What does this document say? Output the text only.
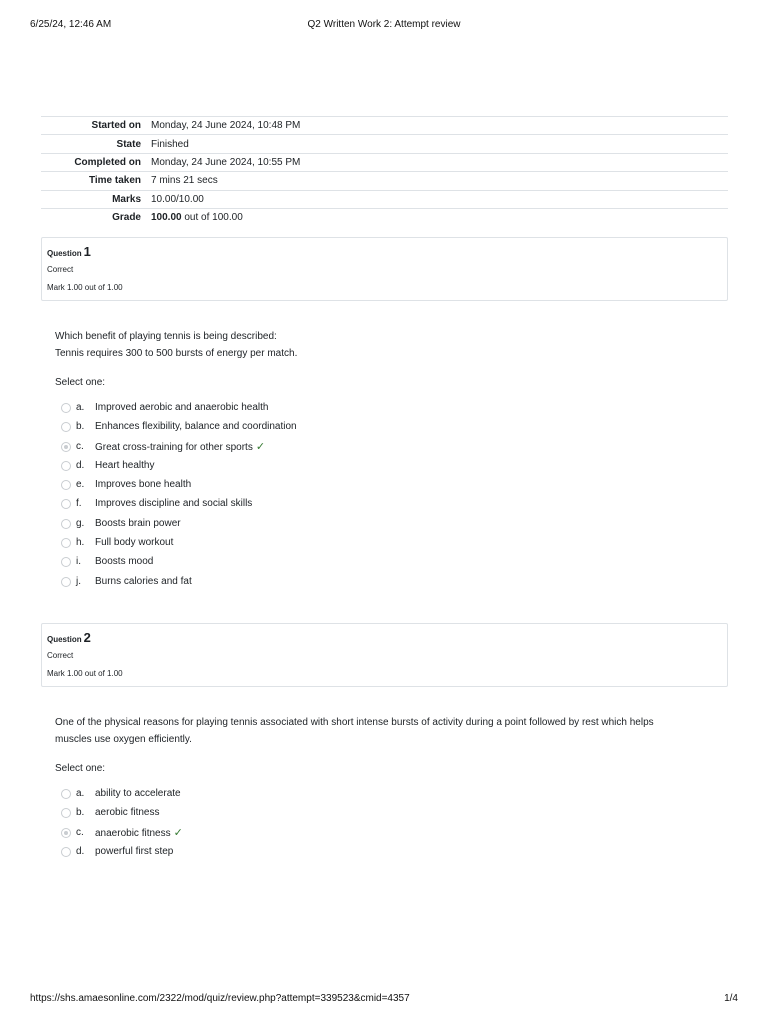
6/25/24, 12:46 AM	Q2 Written Work 2: Attempt review
Started on	Monday, 24 June 2024, 10:48 PM
State	Finished
Completed on	Monday, 24 June 2024, 10:55 PM
Time taken	7 mins 21 secs
Marks	10.00/10.00
Grade	100.00 out of 100.00
Question 1
Correct
Mark 1.00 out of 1.00
Which benefit of playing tennis is being described:
Tennis requires 300 to 500 bursts of energy per match.
Select one:
a. Improved aerobic and anaerobic health
b. Enhances flexibility, balance and coordination
c. Great cross-training for other sports ✓
d. Heart healthy
e. Improves bone health
f. Improves discipline and social skills
g. Boosts brain power
h. Full body workout
i. Boosts mood
j. Burns calories and fat
Question 2
Correct
Mark 1.00 out of 1.00
One of the physical reasons for playing tennis associated with short intense bursts of activity during a point followed by rest which helps
muscles use oxygen efficiently.
Select one:
a. ability to accelerate
b. aerobic fitness
c. anaerobic fitness ✓
d. powerful first step
https://shs.amaesonline.com/2322/mod/quiz/review.php?attempt=339523&cmid=4357	1/4
